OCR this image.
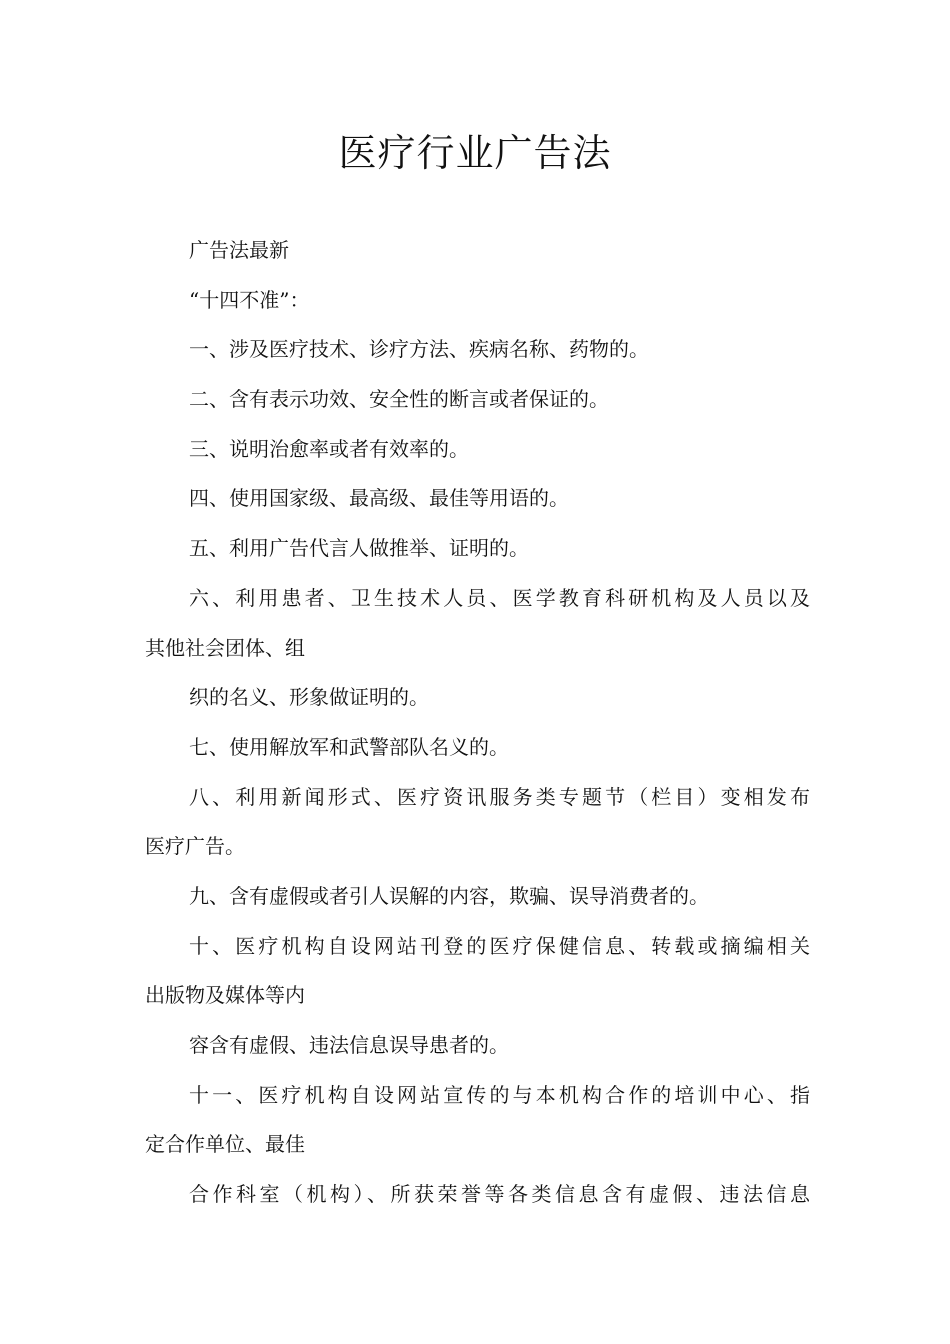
医疗行业广告法
广告法最新
“十四不准”：
一、涉及医疗技术、诊疗方法、疾病名称、药物的。
二、含有表示功效、安全性的断言或者保证的。
三、说明治愈率或者有效率的。
四、使用国家级、最高级、最佳等用语的。
五、利用广告代言人做推举、证明的。
六、利用患者、卫生技术人员、医学教育科研机构及人员以及
其他社会团体、组
织的名义、形象做证明的。
七、使用解放军和武警部队名义的。
八、利用新闻形式、医疗资讯服务类专题节（栏目）变相发布
医疗广告。
九、含有虚假或者引人误解的内容，欺骗、误导消费者的。
十、医疗机构自设网站刊登的医疗保健信息、转载或摘编相关
出版物及媒体等内
容含有虚假、违法信息误导患者的。
十一、医疗机构自设网站宣传的与本机构合作的培训中心、指
定合作单位、最佳
合作科室（机构）、所获荣誉等各类信息含有虚假、违法信息
